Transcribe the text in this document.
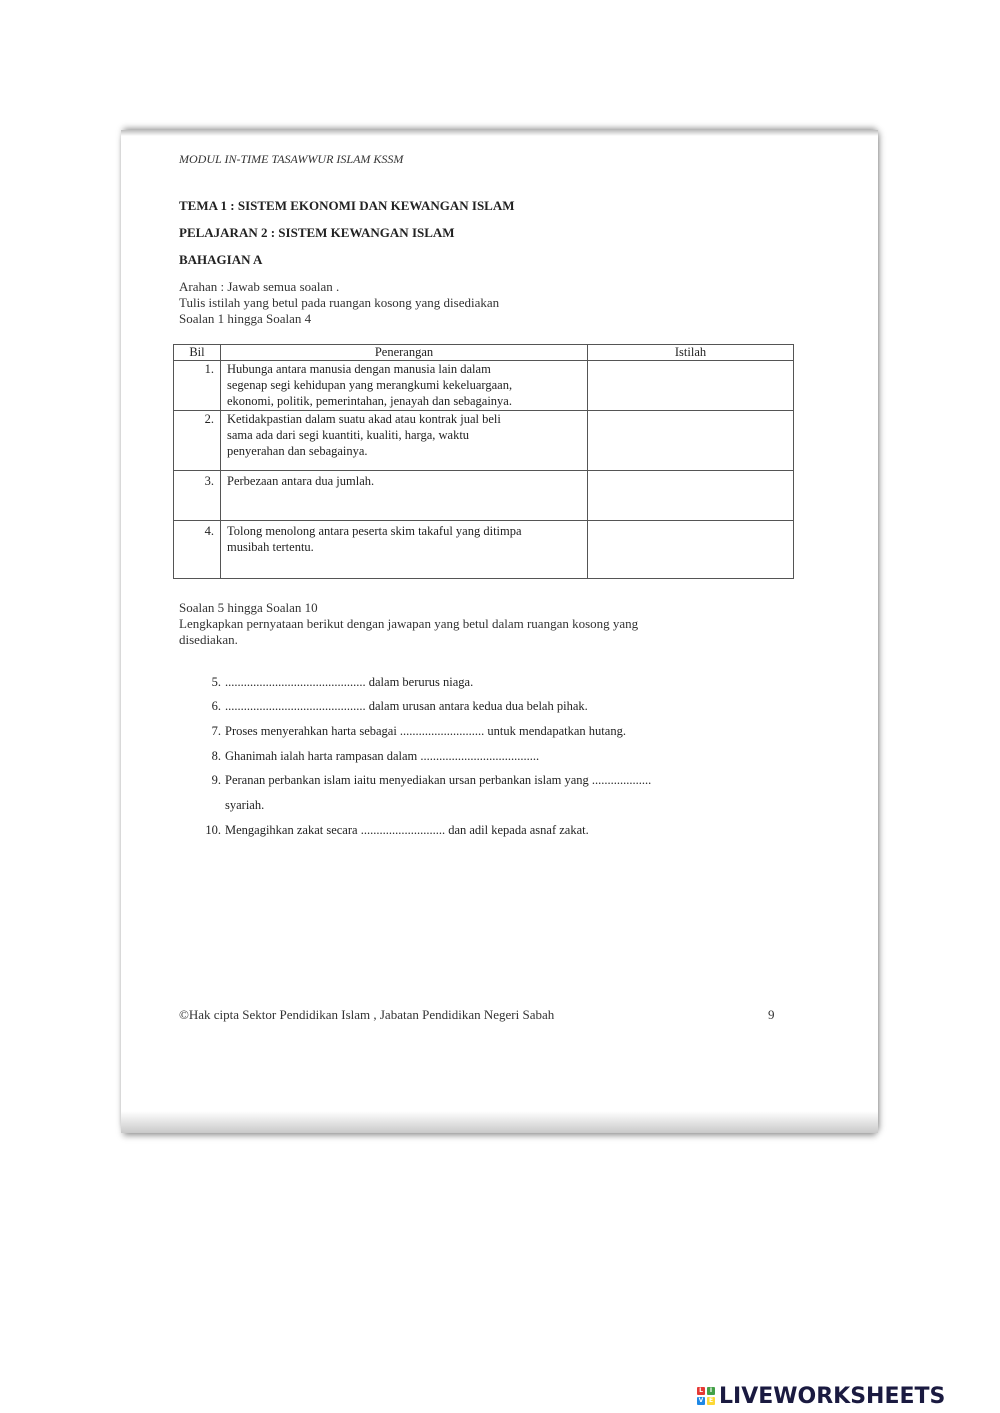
MODUL IN-TIME TASAWWUR ISLAM KSSM
TEMA 1 : SISTEM EKONOMI DAN KEWANGAN ISLAM
PELAJARAN 2 : SISTEM KEWANGAN ISLAM
BAHAGIAN A
Arahan : Jawab semua soalan .
Tulis istilah yang betul pada ruangan kosong yang disediakan
Soalan 1 hingga Soalan 4
Bil	Penerangan	Istilah
1.	Hubunga antara manusia dengan manusia lain dalam
segenap segi kehidupan yang merangkumi kekeluargaan,
ekonomi, politik, pemerintahan, jenayah dan sebagainya.	

2.	Ketidakpastian dalam suatu akad atau kontrak jual beli
sama ada dari segi kuantiti, kualiti, harga, waktu
penyerahan dan sebagainya.	

3.	Perbezaan antara dua jumlah.	

4.	Tolong menolong antara peserta skim takaful yang ditimpa
musibah tertentu.	

Soalan 5 hingga Soalan 10
Lengkapkan pernyataan berikut dengan jawapan yang betul dalam ruangan kosong yang
disediakan.
5. ............................................. dalam berurus niaga.
6. ............................................. dalam urusan antara kedua dua belah pihak.
7. Proses menyerahkan harta sebagai ........................... untuk mendapatkan hutang.
8. Ghanimah ialah harta rampasan dalam ......................................
9. Peranan perbankan islam iaitu menyediakan ursan perbankan islam yang ...................
syariah.
10. Mengagihkan zakat secara ........................... dan adil kepada asnaf zakat.
©Hak cipta Sektor Pendidikan Islam , Jabatan Pendidikan Negeri Sabah	9
L	I
V E LIVEWORKSHEETS
